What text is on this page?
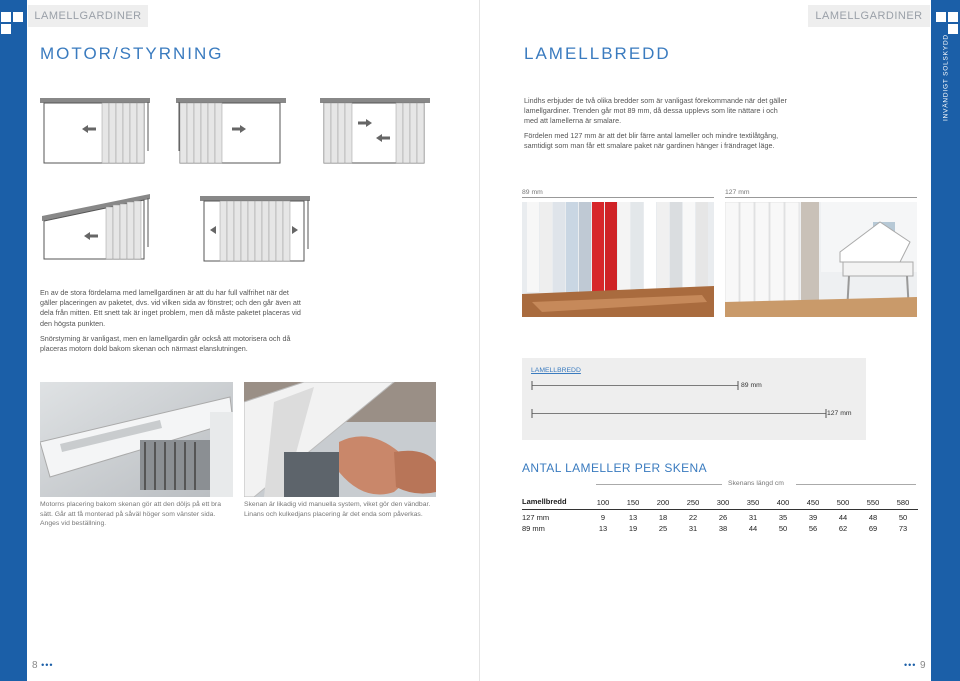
LAMELLGARDINER
MOTOR/STYRNING
En av de stora fördelarna med lamellgardinen är att du har full valfrihet när det gäller placeringen av paketet, dvs. vid vilken sida av fönstret; och den går även att dela från mitten. Ett snett tak är inget problem, men då måste paketet placeras vid den högsta punkten.
Snörstyrning är vanligast, men en lamellgardin går också att motorisera och då placeras motorn dold bakom skenan och närmast elanslutningen.
Motorns placering bakom skenan gör att den döljs på ett bra sätt. Går att få monterad på såväl höger som vänster sida. Anges vid beställning.
Skenan är likadig vid manuella system, viket gör den vändbar. Linans och kulkedjans placering är det enda som påverkas.
8 •••
LAMELLGARDINER
INVÄNDIGT SOLSKYDD
LAMELLBREDD
Lindhs erbjuder de två olika bredder som är vanligast förekommande när det gäller lamellgardiner. Trenden går mot 89 mm, då dessa upplevs som lite nättare i och med att lamellerna är smalare.
Fördelen med 127 mm är att det blir färre antal lameller och mindre textilåtgång, samtidigt som man får ett smalare paket när gardinen hänger i frändraget läge.
89 mm	127 mm
LAMELLBREDD
89 mm
127 mm
ANTAL LAMELLER PER SKENA
Skenans längd cm
Lamellbredd	100	150	200	250	300	350	400	450	500	550	580
127 mm	9	13	18	22	26	31	35	39	44	48	50
89 mm	13	19	25	31	38	44	50	56	62	69	73
••• 9
